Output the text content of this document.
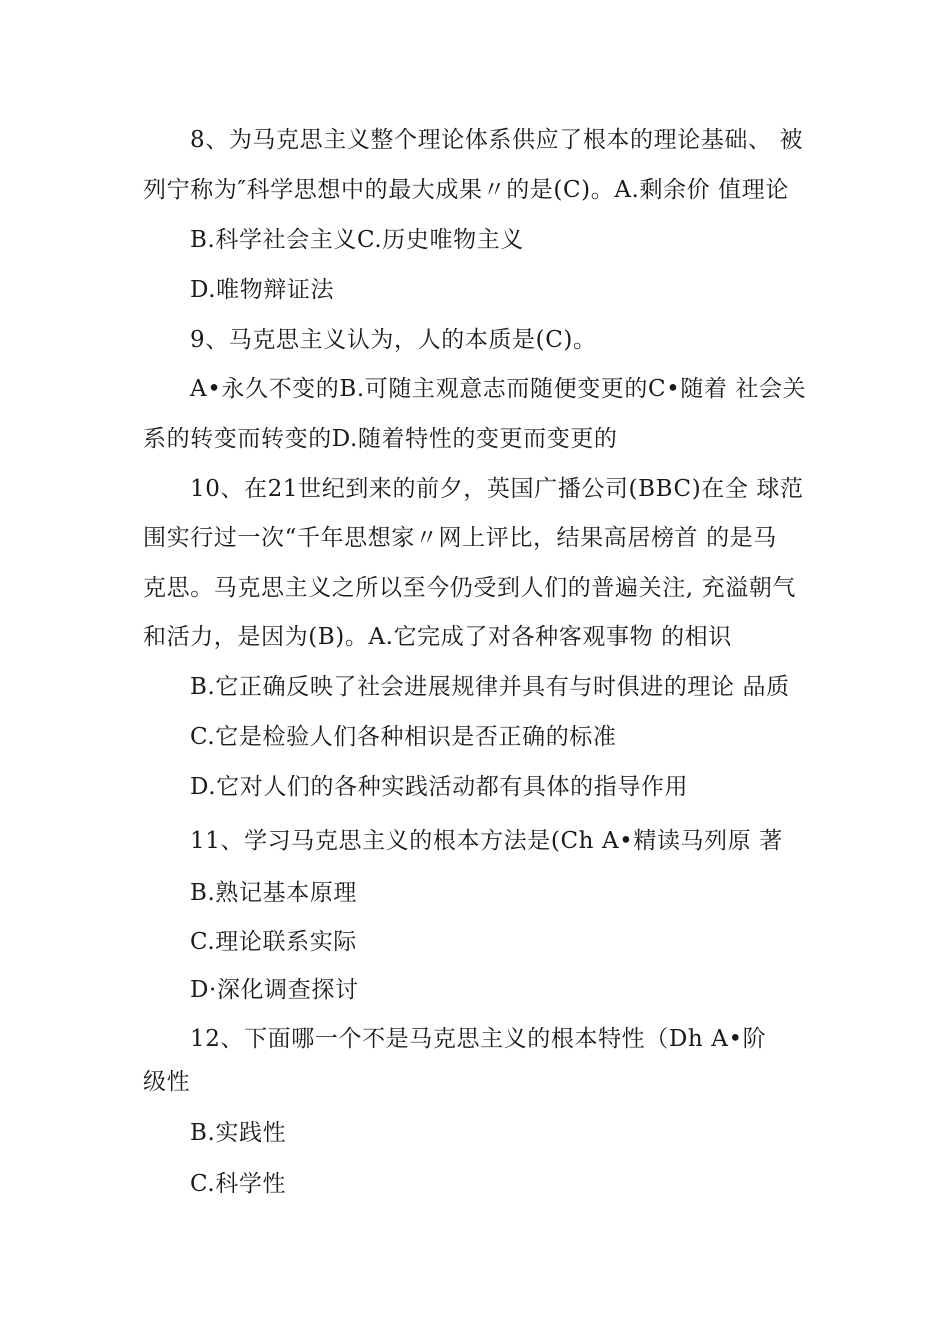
8、为马克思主义整个理论体系供应了根本的理论基础、 被
列宁称为″科学思想中的最大成果〃的是(C)。A.剩余价 值理论
B.科学社会主义C.历史唯物主义
D.唯物辩证法
9、马克思主义认为，人的本质是(C)。
A•永久不变的B.可随主观意志而随便变更的C•随着 社会关
系的转变而转变的D.随着特性的变更而变更的
10、在21世纪到来的前夕，英国广播公司(BBC)在全 球范
围实行过一次“千年思想家〃网上评比，结果高居榜首 的是马
克思。马克思主义之所以至今仍受到人们的普遍关注, 充溢朝气
和活力，是因为(B)。A.它完成了对各种客观事物 的相识
B.它正确反映了社会进展规律并具有与时俱进的理论 品质
C.它是检验人们各种相识是否正确的标准
D.它对人们的各种实践活动都有具体的指导作用
11、学习马克思主义的根本方法是(Ch A•精读马列原 著
B.熟记基本原理
C.理论联系实际
D·深化调查探讨
12、下面哪一个不是马克思主义的根本特性（Dh A•阶
级性
B.实践性
C.科学性
